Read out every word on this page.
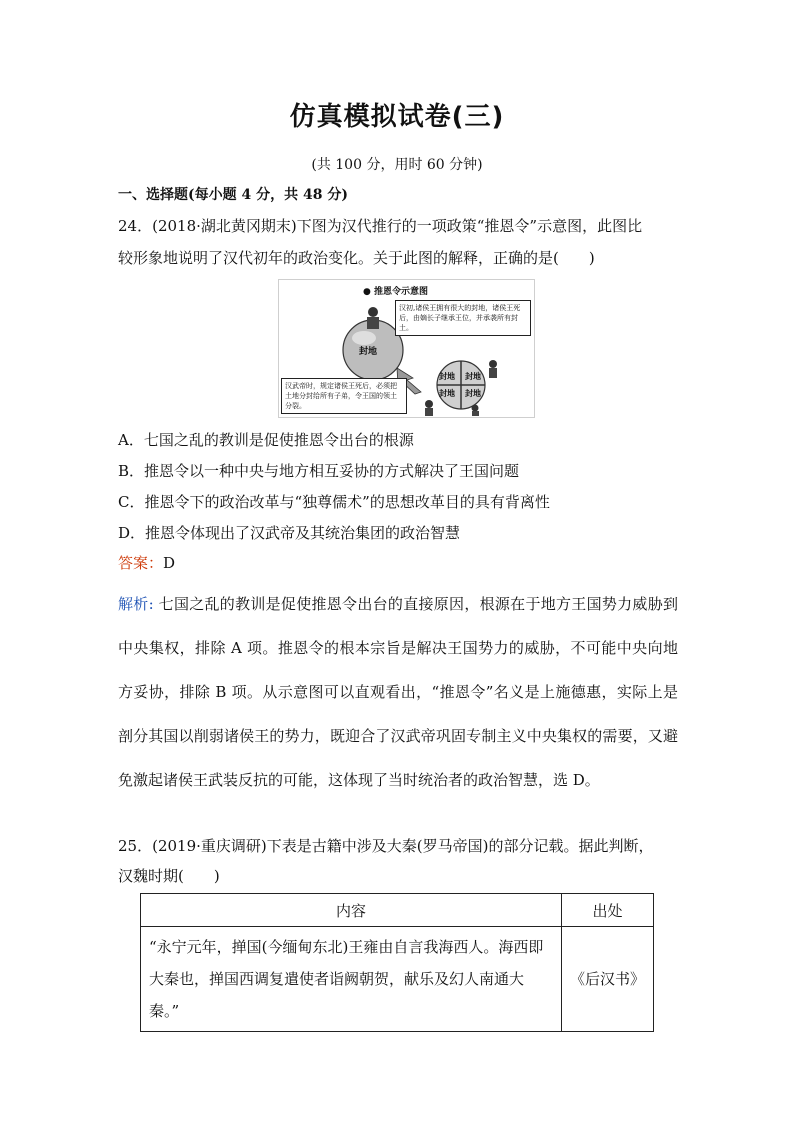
仿真模拟试卷(三)
(共 100 分，用时 60 分钟)
一、选择题(每小题 4 分，共 48 分)
24．(2018·湖北黄冈期末)下图为汉代推行的一项政策“推恩令”示意图，此图比
较形象地说明了汉代初年的政治变化。关于此图的解释，正确的是(　　)
● 推恩令示意图
汉初,诸侯王拥有很大的封地，诸侯王死后，由嫡长子继承王位，并承袭所有封土。
汉武帝时，规定诸侯王死后，必须把土地分封给所有子弟，令王国的领土分裂。
封地
封地 封地
封地 封地
A．七国之乱的教训是促使推恩令出台的根源
B．推恩令以一种中央与地方相互妥协的方式解决了王国问题
C．推恩令下的政治改革与“独尊儒术”的思想改革目的具有背离性
D．推恩令体现出了汉武帝及其统治集团的政治智慧
答案：D
解析: 七国之乱的教训是促使推恩令出台的直接原因，根源在于地方王国势力威胁到中央集权，排除 A 项。推恩令的根本宗旨是解决王国势力的威胁，不可能中央向地方妥协，排除 B 项。从示意图可以直观看出，“推恩令”名义是上施德惠，实际上是剖分其国以削弱诸侯王的势力，既迎合了汉武帝巩固专制主义中央集权的需要，又避免激起诸侯王武装反抗的可能，这体现了当时统治者的政治智慧，选 D。
25．(2019·重庆调研)下表是古籍中涉及大秦(罗马帝国)的部分记载。据此判断，
汉魏时期(　　)
内容	出处
“永宁元年，掸国(今缅甸东北)王雍由自言我海西人。海西即大秦也，掸国西调复遣使者诣阙朝贺，献乐及幻人南通大秦。”	《后汉书》
